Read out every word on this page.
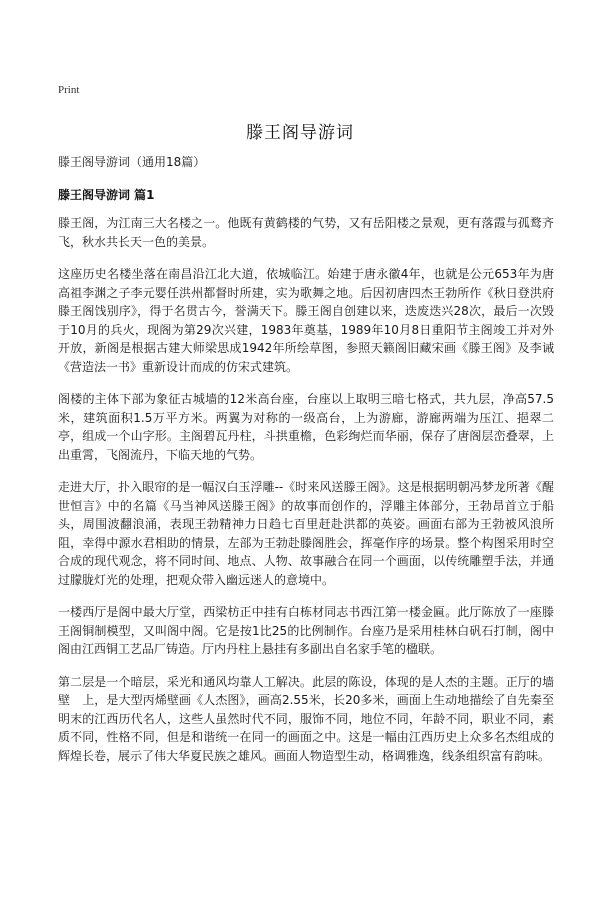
Print

滕王阁导游词

滕王阁导游词（通用18篇）

滕王阁导游词 篇1

滕王阁，为江南三大名楼之一。他既有黄鹤楼的气势，又有岳阳楼之景观，更有落霞与孤鹜齐飞，秋水共长天一色的美景。

这座历史名楼坐落在南昌沿江北大道，依城临江。始建于唐永徽4年，也就是公元653年为唐高祖李渊之子李元婴任洪州都督时所建，实为歌舞之地。后因初唐四杰王勃所作《秋日登洪府滕王阁饯别序》，得于名贯古今，誉满天下。滕王阁自创建以来，迭废迭兴28次，最后一次毁于10月的兵火，现阁为第29次兴建，1983年奠基，1989年10月8日重阳节主阁竣工并对外开放，新阁是根据古建大师梁思成1942年所绘草图，参照天籁阁旧藏宋画《滕王阁》及李诫《营造法一书》重新设计而成的仿宋式建筑。

阁楼的主体下部为象征古城墙的12米高台座，台座以上取明三暗七格式，共九层，净高57.5米，建筑面积1.5万平方米。两翼为对称的一级高台，上为游廊，游廊两端为压江、挹翠二亭，组成一个山字形。主阁碧瓦丹柱，斗拱重檐，色彩绚烂而华丽，保存了唐阁层峦叠翠，上出重霄，飞阁流丹，下临天地的气势。

走进大厅，扑入眼帘的是一幅汉白玉浮雕--《时来风送滕王阁》。这是根据明朝冯梦龙所著《醒世恒言》中的名篇《马当神风送滕王阁》的故事而创作的，浮雕主体部分，王勃昂首立于船头，周围波翻浪涌，表现王勃精神力日趋七百里赶赴洪都的英姿。画面右部为王勃被风浪所阻，幸得中源水君相助的情景，左部为王勃赴滕阁胜会，挥毫作序的场景。整个构图采用时空合成的现代观念，将不同时间、地点、人物、故事融合在同一个画面，以传统雕塑手法，并通过朦胧灯光的处理，把观众带入幽远迷人的意境中。

一楼西厅是阁中最大厅堂，西梁枋正中挂有白栋材同志书西江第一楼金匾。此厅陈放了一座滕王阁铜制模型，又叫阁中阁。它是按1比25的比例制作。台座乃是采用桂林白矾石打制，阁中阁由江西铜工艺品厂铸造。厅内丹柱上悬挂有多副出自名家手笔的楹联。

第二层是一个暗层，采光和通风均靠人工解决。此层的陈设，体现的是人杰的主题。正厅的墙壁　上，是大型丙烯壁画《人杰图》，画高2.55米，长20多米，画面上生动地描绘了自先秦至明末的江西历代名人，这些人虽然时代不同，服饰不同，地位不同，年龄不同，职业不同，素质不同，性格不同，但是和谐统一在同一的画面之中。这是一幅由江西历史上众多名杰组成的辉煌长卷，展示了伟大华夏民族之雄风。画面人物造型生动，格调雅逸，线条组织富有韵味。
